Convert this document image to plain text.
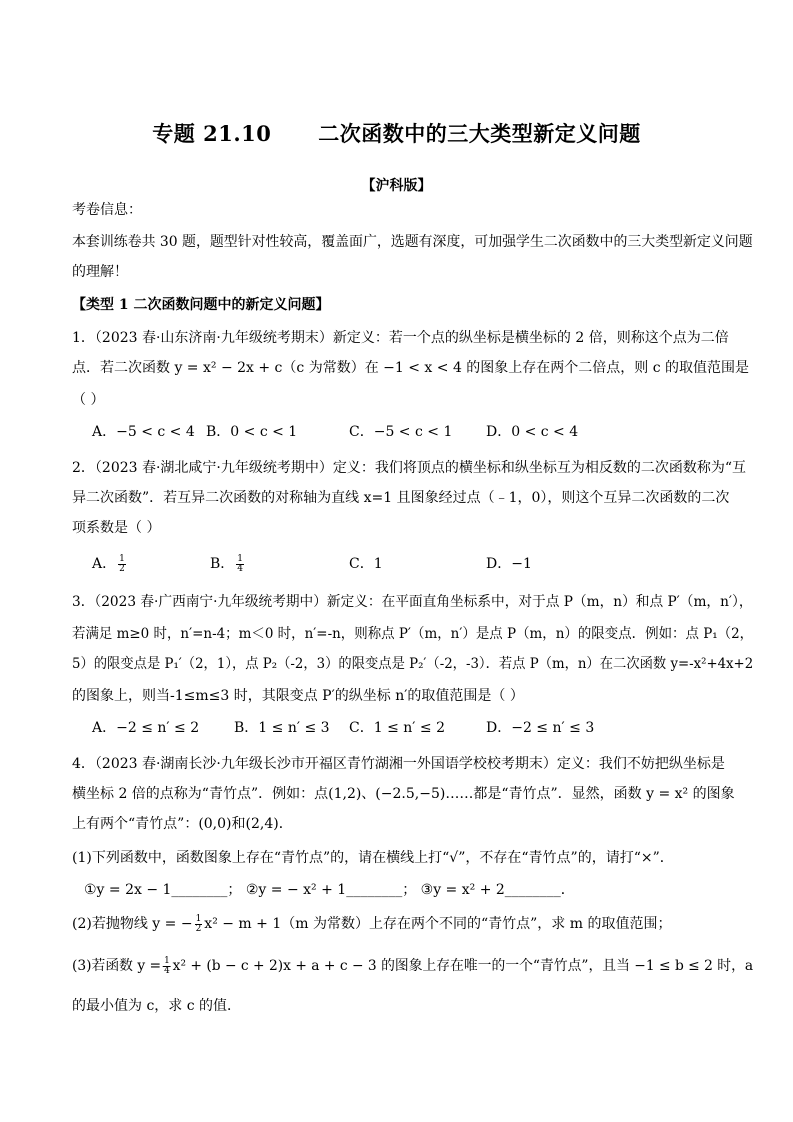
专题 21.10      二次函数中的三大类型新定义问题
【沪科版】
考卷信息：
本套训练卷共 30 题，题型针对性较高，覆盖面广，选题有深度，可加强学生二次函数中的三大类型新定义问题
的理解！
【类型 1 二次函数问题中的新定义问题】
1．（2023 春·山东济南·九年级统考期末）新定义：若一个点的纵坐标是横坐标的 2 倍，则称这个点为二倍
点．若二次函数 y = x² − 2x + c（c 为常数）在 −1 < x < 4 的图象上存在两个二倍点，则 c 的取值范围是
（ ）
A．−5 < c < 4 B．0 < c < 1	C．−5 < c < 1 D．0 < c < 4
2．（2023 春·湖北咸宁·九年级统考期中）定义：我们将顶点的横坐标和纵坐标互为相反数的二次函数称为“互
异二次函数”．若互异二次函数的对称轴为直线 x=1 且图象经过点（﹣1，0），则这个互异二次函数的二次
项系数是（ ）
A． $\frac{1}{2}$	B． $\frac{1}{4}$	C．1	D．−1
3．（2023 春·广西南宁·九年级统考期中）新定义：在平面直角坐标系中，对于点 P（m，n）和点 P′（m，n′），
若满足 m≥0 时，n′=n-4；m＜0 时，n′=-n，则称点 P′（m，n′）是点 P（m，n）的限变点．例如：点 P₁（2，
5）的限变点是 P₁′（2，1），点 P₂（-2，3）的限变点是 P₂′（-2，-3）．若点 P（m，n）在二次函数 y=-x²+4x+2
的图象上，则当-1≤m≤3 时，其限变点 P′的纵坐标 n′的取值范围是（ ）
A．−2 ≤ n′ ≤ 2 B．1 ≤ n′ ≤ 3 C．1 ≤ n′ ≤ 2	D．−2 ≤ n′ ≤ 3
4．（2023 春·湖南长沙·九年级长沙市开福区青竹湖湘一外国语学校校考期末）定义：我们不妨把纵坐标是
横坐标 2 倍的点称为“青竹点”．例如：点(1,2)、(−2.5,−5)……都是“青竹点”．显然，函数 y = x² 的图象
上有两个“青竹点”：(0,0)和(2,4)．
(1)下列函数中，函数图象上存在“青竹点”的，请在横线上打“√”，不存在“青竹点”的，请打“×”．
①y = 2x − 1________； ②y = − x² + 1________； ③y = x² + 2________．
(2)若抛物线 y = − $\frac{1}{2} x^2 - m + 1(m$ 为常数）上存在两个不同的“青竹点”，求 m 的取值范围；
(3)若函数 $y = \frac{1}{4} x^2 + (b - c + 2)x + a + c - 3$ 的图象上存在唯一的一个“青竹点”，且当 −1 ≤ b ≤ 2 时，a
的最小值为 c，求 c 的值．
